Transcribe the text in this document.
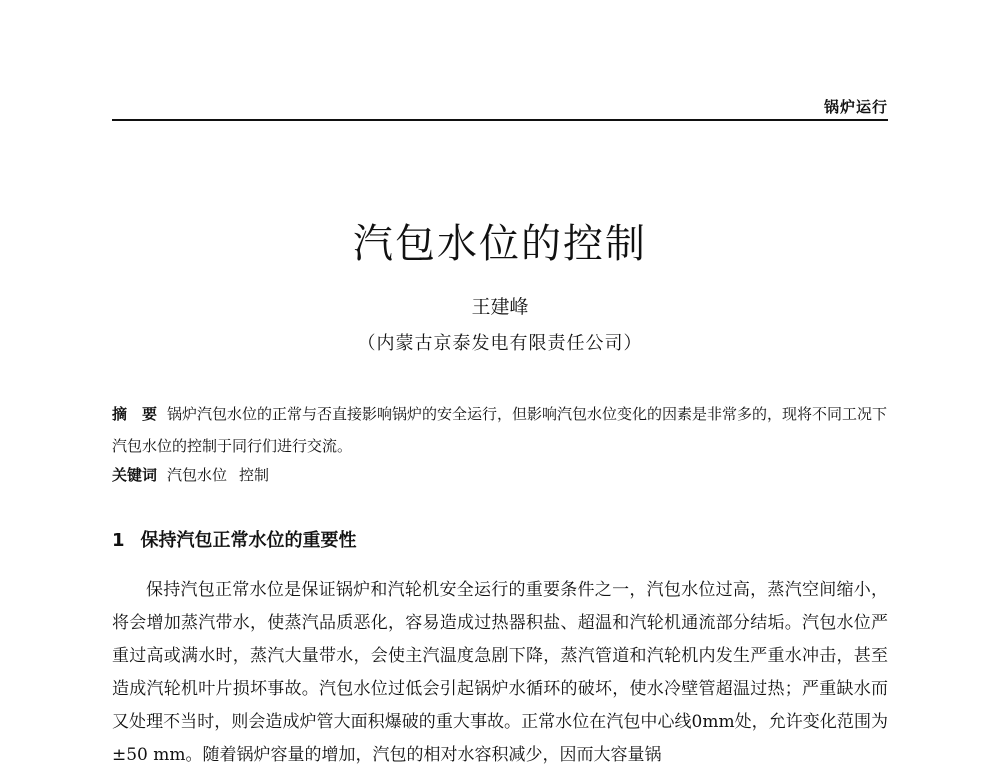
锅炉运行
汽包水位的控制
王建峰
（内蒙古京泰发电有限责任公司）

摘　要 锅炉汽包水位的正常与否直接影响锅炉的安全运行，但影响汽包水位变化的因素是非常多的，现将不同工况下汽包水位的控制于同行们进行交流。

关键词 汽包水位 控制

1 保持汽包正常水位的重要性

保持汽包正常水位是保证锅炉和汽轮机安全运行的重要条件之一，汽包水位过高，蒸汽空间缩小，将会增加蒸汽带水，使蒸汽品质恶化，容易造成过热器积盐、超温和汽轮机通流部分结垢。汽包水位严重过高或满水时，蒸汽大量带水，会使主汽温度急剧下降，蒸汽管道和汽轮机内发生严重水冲击，甚至造成汽轮机叶片损坏事故。汽包水位过低会引起锅炉水循环的破坏，使水冷壁管超温过热；严重缺水而又处理不当时，则会造成炉管大面积爆破的重大事故。正常水位在汽包中心线0mm处，允许变化范围为±50 mm。随着锅炉容量的增加，汽包的相对水容积减少，因而大容量锅
